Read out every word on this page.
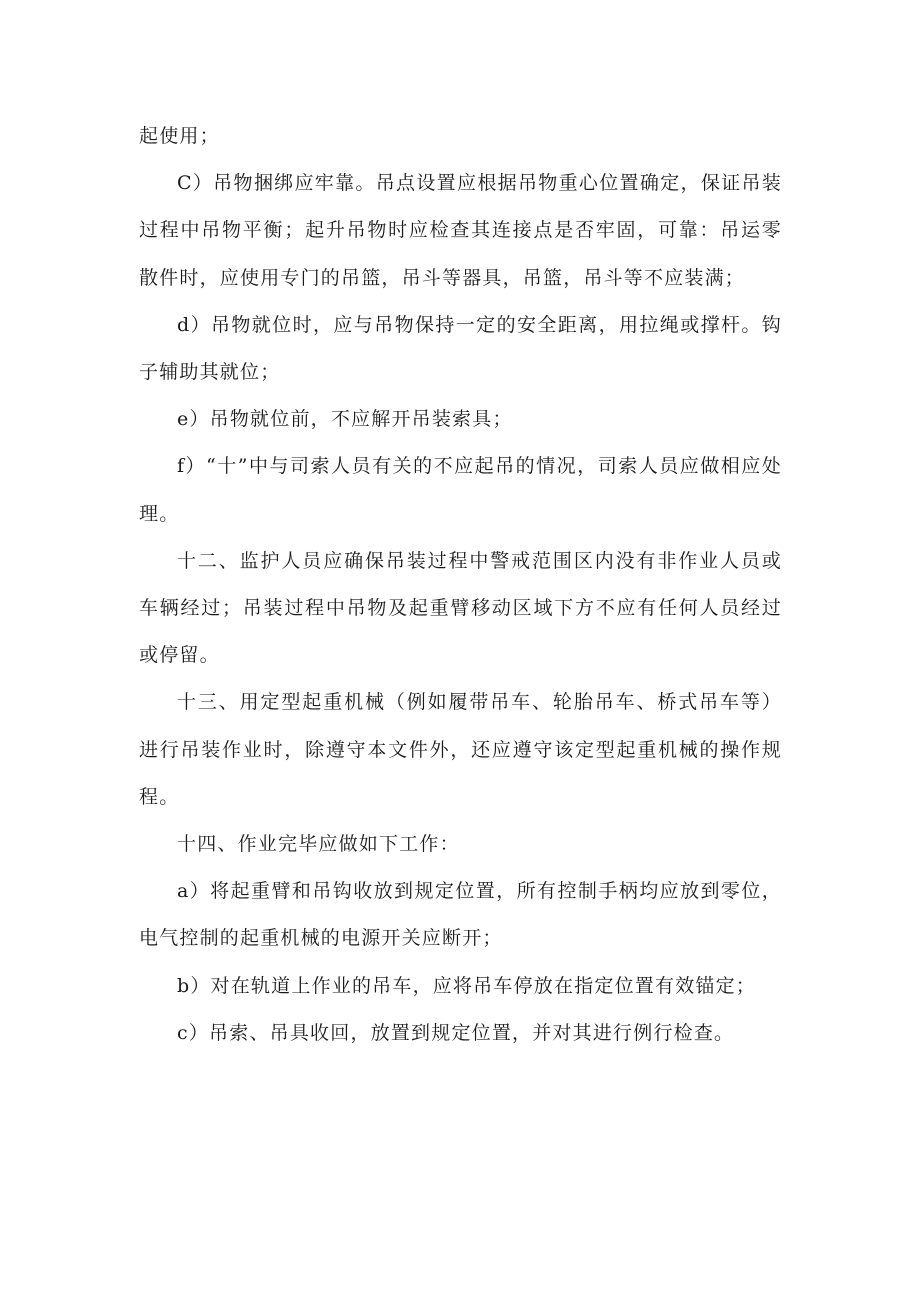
起使用；

C）吊物捆绑应牢靠。吊点设置应根据吊物重心位置确定，保证吊装过程中吊物平衡；起升吊物时应检查其连接点是否牢固，可靠：吊运零散件时，应使用专门的吊篮，吊斗等器具，吊篮，吊斗等不应装满；

d）吊物就位时，应与吊物保持一定的安全距离，用拉绳或撑杆。钩子辅助其就位；

e）吊物就位前，不应解开吊装索具；

f）“十”中与司索人员有关的不应起吊的情况，司索人员应做相应处理。

十二、监护人员应确保吊装过程中警戒范围区内没有非作业人员或车辆经过；吊装过程中吊物及起重臂移动区域下方不应有任何人员经过或停留。

十三、用定型起重机械（例如履带吊车、轮胎吊车、桥式吊车等）进行吊装作业时，除遵守本文件外，还应遵守该定型起重机械的操作规程。

十四、作业完毕应做如下工作：

a）将起重臂和吊钩收放到规定位置，所有控制手柄均应放到零位，电气控制的起重机械的电源开关应断开；

b）对在轨道上作业的吊车，应将吊车停放在指定位置有效锚定；

c）吊索、吊具收回，放置到规定位置，并对其进行例行检查。
